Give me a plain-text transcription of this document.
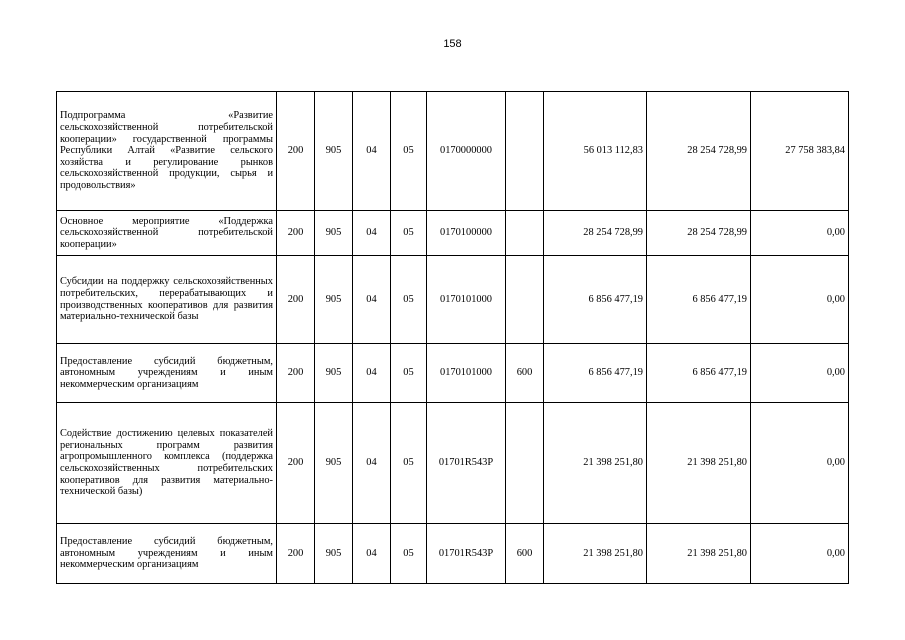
158
Подпрограмма «Развитие сельскохозяйственной потребительской кооперации» государственной программы Республики Алтай «Развитие сельского хозяйства и регулирование рынков сельскохозяйственной продукции, сырья и продовольствия»	200	905	04	05	0170000000		56 013 112,83	28 254 728,99	27 758 383,84
Основное мероприятие «Поддержка сельскохозяйственной потребительской кооперации»	200	905	04	05	0170100000		28 254 728,99	28 254 728,99	0,00
Субсидии на поддержку сельскохозяйственных потребительских, перерабатывающих и производственных кооперативов для развития материально-технической базы	200	905	04	05	0170101000		6 856 477,19	6 856 477,19	0,00
Предоставление субсидий бюджетным, автономным учреждениям и иным некоммерческим организациям	200	905	04	05	0170101000	600	6 856 477,19	6 856 477,19	0,00
Содействие достижению целевых показателей региональных программ развития агропромышленного комплекса (поддержка сельскохозяйственных потребительских кооперативов для развития материально-технической базы)	200	905	04	05	01701R543Р		21 398 251,80	21 398 251,80	0,00
Предоставление субсидий бюджетным, автономным учреждениям и иным некоммерческим организациям	200	905	04	05	01701R543Р	600	21 398 251,80	21 398 251,80	0,00
